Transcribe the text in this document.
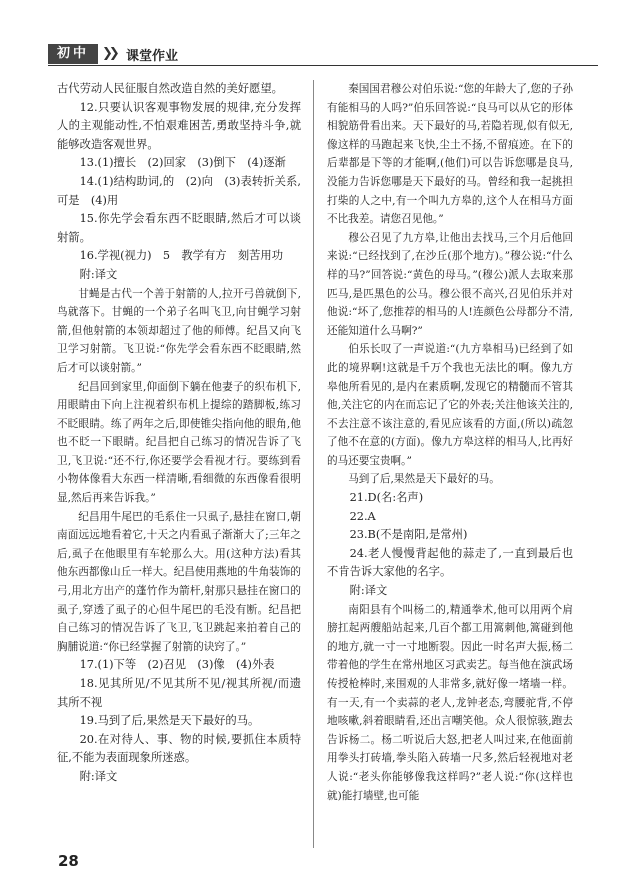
初中	❯❯ 课堂作业

古代劳动人民征服自然改造自然的美好愿望。

12.只要认识客观事物发展的规律,充分发挥人的主观能动性,不怕艰难困苦,勇敢坚持斗争,就能够改造客观世界。

13.(1)擅长　(2)回家　(3)倒下　(4)逐渐

14.(1)结构助词,的　(2)向　(3)表转折关系,可是　(4)用

15.你先学会看东西不眨眼睛,然后才可以谈射箭。

16.学视(视力)　5　教学有方　刻苦用功

附:译文

甘蝇是古代一个善于射箭的人,拉开弓兽就倒下,鸟就落下。甘蝇的一个弟子名叫飞卫,向甘蝇学习射箭,但他射箭的本领却超过了他的师傅。纪昌又向飞卫学习射箭。飞卫说:“你先学会看东西不眨眼睛,然后才可以谈射箭。”

纪昌回到家里,仰面倒下躺在他妻子的织布机下,用眼睛由下向上注视着织布机上提综的踏脚板,练习不眨眼睛。练了两年之后,即使锥尖指向他的眼角,他也不眨一下眼睛。纪昌把自己练习的情况告诉了飞卫,飞卫说:“还不行,你还要学会看视才行。要练到看小物体像看大东西一样清晰,看细微的东西像看很明显,然后再来告诉我。”

纪昌用牛尾巴的毛系住一只虱子,悬挂在窗口,朝南面远远地看着它,十天之内看虱子渐渐大了;三年之后,虱子在他眼里有车轮那么大。用(这种方法)看其他东西都像山丘一样大。纪昌使用燕地的牛角装饰的弓,用北方出产的蓬竹作为箭杆,射那只悬挂在窗口的虱子,穿透了虱子的心但牛尾巴的毛没有断。纪昌把自己练习的情况告诉了飞卫,飞卫跳起来拍着自己的胸脯说道:“你已经掌握了射箭的诀窍了。”

17.(1)下等　(2)召见　(3)像　(4)外表

18.见其所见/不见其所不见/视其所视/而遗其所不视

19.马到了后,果然是天下最好的马。

20.在对待人、事、物的时候,要抓住本质特征,不能为表面现象所迷惑。

附:译文

秦国国君穆公对伯乐说:“您的年龄大了,您的子孙有能相马的人吗?”伯乐回答说:“良马可以从它的形体相貌筋骨看出来。天下最好的马,若隐若现,似有似无,像这样的马跑起来飞快,尘土不扬,不留痕迹。在下的后辈都是下等的才能啊,(他们)可以告诉您哪是良马,没能力告诉您哪是天下最好的马。曾经和我一起挑担打柴的人之中,有一个叫九方皋的,这个人在相马方面不比我差。请您召见他。”

穆公召见了九方皋,让他出去找马,三个月后他回来说:“已经找到了,在沙丘(那个地方)。”穆公说:“什么样的马?”回答说:“黄色的母马。”(穆公)派人去取来那匹马,是匹黑色的公马。穆公很不高兴,召见伯乐并对他说:“坏了,您推荐的相马的人!连颜色公母都分不清,还能知道什么马啊?”

伯乐长叹了一声说道:“(九方皋相马)已经到了如此的境界啊!这就是千万个我也无法比的啊。像九方皋他所看见的,是内在素质啊,发现它的精髓而不管其他,关注它的内在而忘记了它的外表;关注他该关注的,不去注意不该注意的,看见应该看的方面,(所以)疏忽了他不在意的(方面)。像九方皋这样的相马人,比再好的马还要宝贵啊。”

马到了后,果然是天下最好的马。

21.D(名:名声)

22.A

23.B(不是南阳,是常州)

24.老人慢慢背起他的蒜走了,一直到最后也不肯告诉大家他的名字。

附:译文

南阳县有个叫杨二的,精通拳术,他可以用两个肩膀扛起两艘船站起来,几百个都工用篙刺他,篙碰到他的地方,就一寸一寸地断裂。因此一时名声大振,杨二带着他的学生在常州地区习武卖艺。每当他在演武场传授枪棒时,来围观的人非常多,就好像一堵墙一样。有一天,有一个卖蒜的老人,龙钟老态,弯腰驼背,不停地咳嗽,斜着眼睛看,还出言嘲笑他。众人很惊骇,跑去告诉杨二。杨二听说后大怒,把老人叫过来,在他面前用拳头打砖墙,拳头陷入砖墙一尺多,然后轻视地对老人说:“老头你能够像我这样吗?”老人说:“你(这样也就)能打墙壁,也可能

28
